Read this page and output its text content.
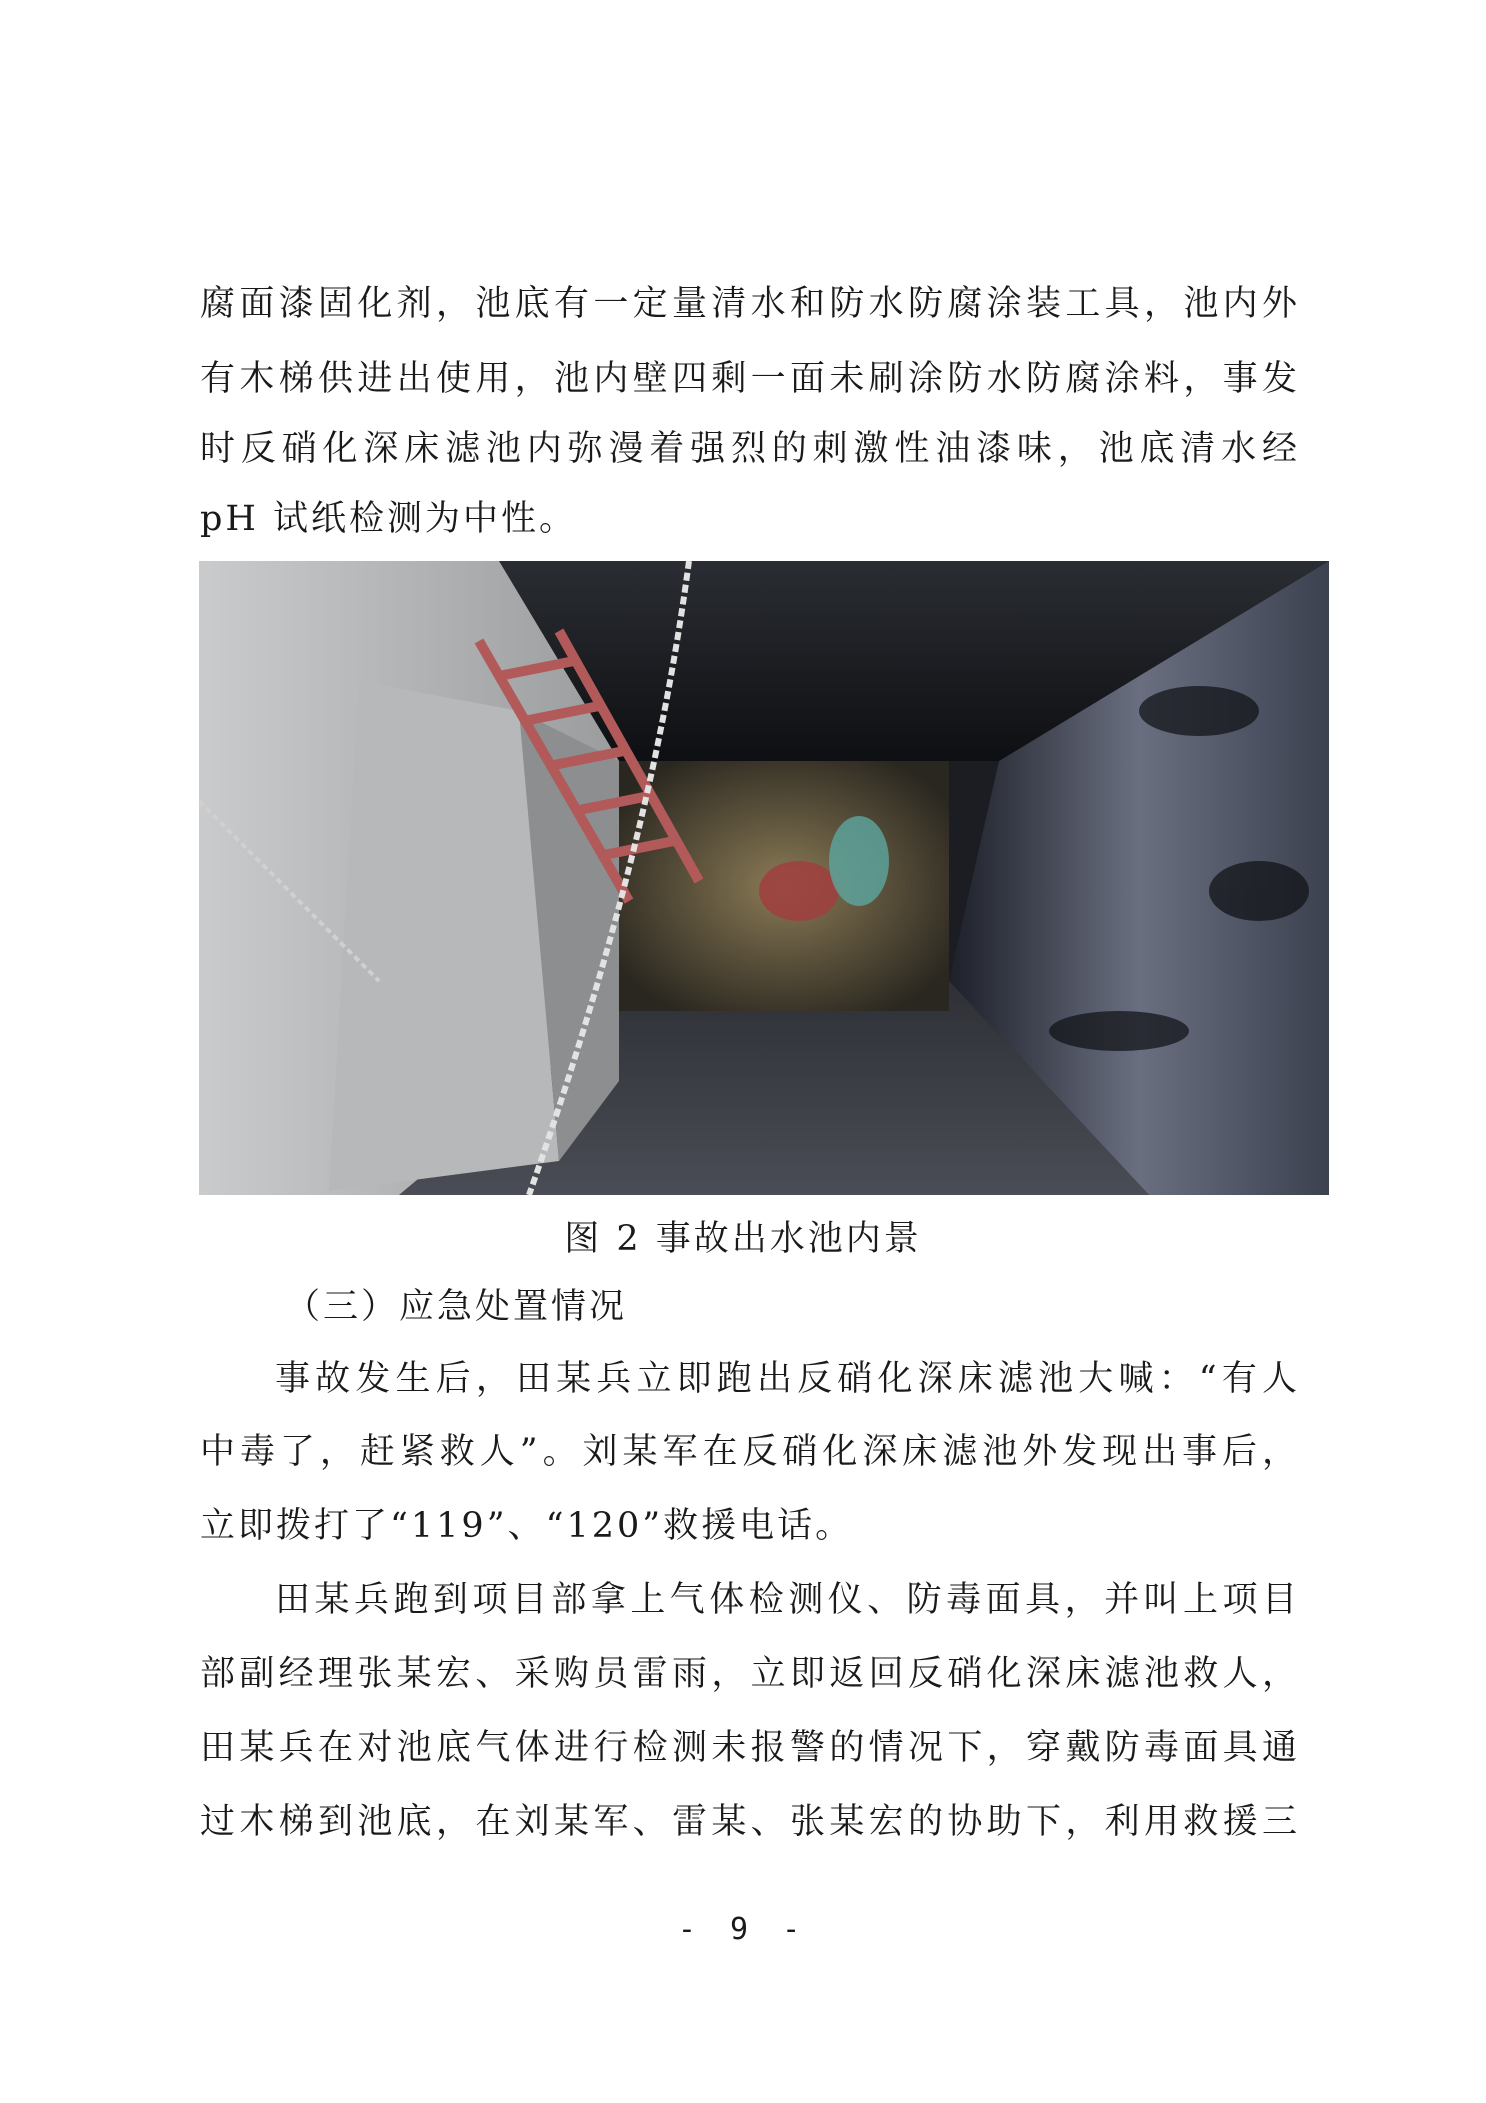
腐面漆固化剂，池底有一定量清水和防水防腐涂装工具，池内外
有木梯供进出使用，池内壁四剩一面未刷涂防水防腐涂料，事发
时反硝化深床滤池内弥漫着强烈的刺激性油漆味，池底清水经
pH 试纸检测为中性。
图 2 事故出水池内景
（三）应急处置情况
事故发生后，田某兵立即跑出反硝化深床滤池大喊：“有人
中毒了，赶紧救人”。刘某军在反硝化深床滤池外发现出事后，
立即拨打了“119”、“120”救援电话。
田某兵跑到项目部拿上气体检测仪、防毒面具，并叫上项目
部副经理张某宏、采购员雷雨，立即返回反硝化深床滤池救人，
田某兵在对池底气体进行检测未报警的情况下，穿戴防毒面具通
过木梯到池底，在刘某军、雷某、张某宏的协助下，利用救援三
- 9 -
